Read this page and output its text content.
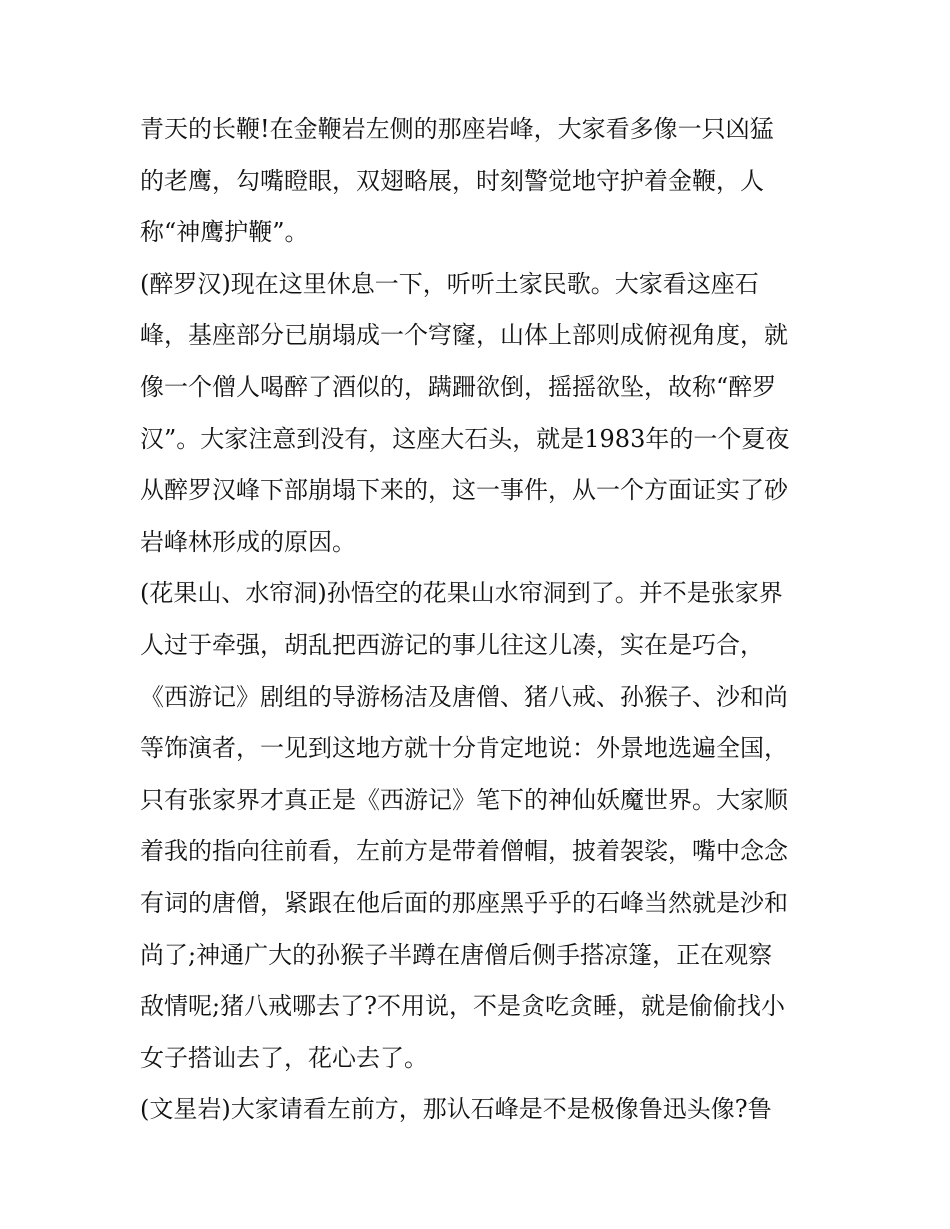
青天的长鞭!在金鞭岩左侧的那座岩峰，大家看多像一只凶猛
的老鹰，勾嘴瞪眼，双翅略展，时刻警觉地守护着金鞭，人
称“神鹰护鞭”。
(醉罗汉)现在这里休息一下，听听土家民歌。大家看这座石
峰，基座部分已崩塌成一个穹窿，山体上部则成俯视角度，就
像一个僧人喝醉了酒似的，蹒跚欲倒，摇摇欲坠，故称“醉罗
汉”。大家注意到没有，这座大石头，就是1983年的一个夏夜
从醉罗汉峰下部崩塌下来的，这一事件，从一个方面证实了砂
岩峰林形成的原因。
(花果山、水帘洞)孙悟空的花果山水帘洞到了。并不是张家界
人过于牵强，胡乱把西游记的事儿往这儿凑，实在是巧合，
《西游记》剧组的导游杨洁及唐僧、猪八戒、孙猴子、沙和尚
等饰演者，一见到这地方就十分肯定地说：外景地选遍全国，
只有张家界才真正是《西游记》笔下的神仙妖魔世界。大家顺
着我的指向往前看，左前方是带着僧帽，披着袈裟，嘴中念念
有词的唐僧，紧跟在他后面的那座黑乎乎的石峰当然就是沙和
尚了;神通广大的孙猴子半蹲在唐僧后侧手搭凉篷，正在观察
敌情呢;猪八戒哪去了?不用说，不是贪吃贪睡，就是偷偷找小
女子搭讪去了，花心去了。
(文星岩)大家请看左前方，那认石峰是不是极像鲁迅头像?鲁
